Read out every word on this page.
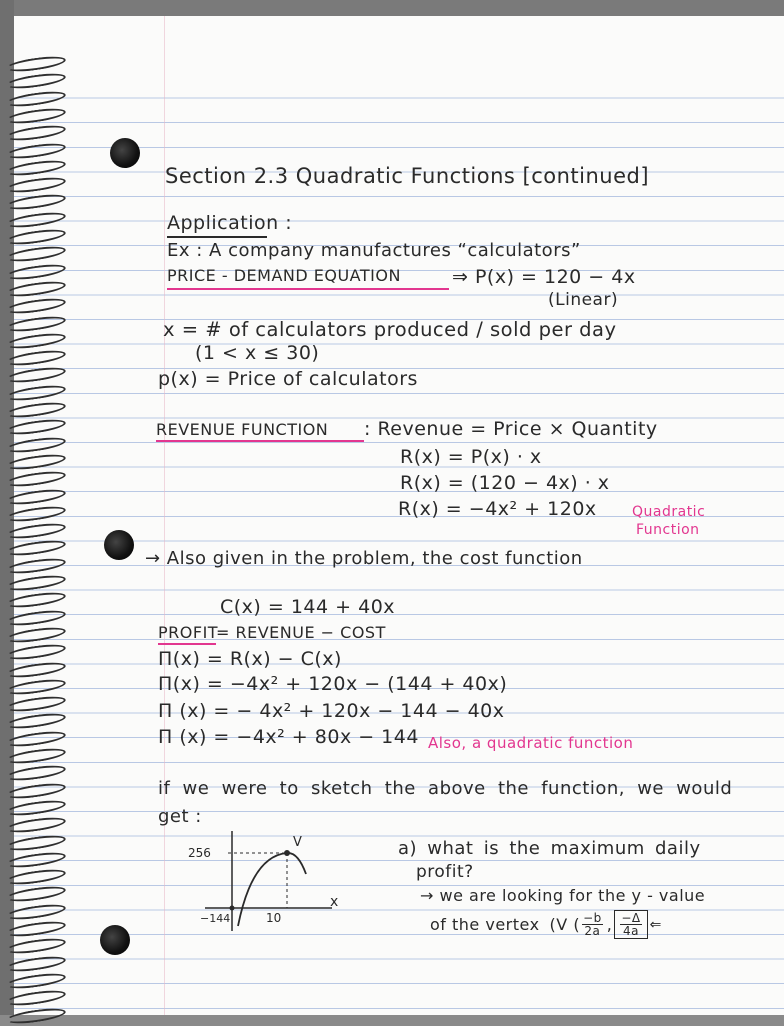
Section 2.3 Quadratic Functions [continued]
Application :
Ex : A company manufactures “calculators”
PRICE - DEMAND EQUATION	⇒ P(x) = 120 − 4x
(Linear)
x = # of calculators produced / sold per day
(1 < x ≤ 30)
p(x) = Price of calculators
REVENUE FUNCTION : Revenue = Price × Quantity
R(x) = P(x) · x
R(x) = (120 − 4x) · x
R(x) = −4x² + 120x	Quadratic
Function
→ Also given in the problem, the cost function
C(x) = 144 + 40x
PROFIT
= REVENUE − COST
Π(x) = R(x) − C(x)
Π(x) = −4x² + 120x − (144 + 40x)
Π (x) = − 4x² + 120x − 144 − 40x
Π (x) = −4x² + 80x − 144 Also, a quadratic function
if we were to sketch the above the function, we would
get :
256
V
−144	10
x
a) what is the maximum daily
profit?
→ we are looking for the y - value
of the vertex (V ( $\frac{-b}{2a}$ , $\frac{-\Delta}{4a}$ ⇐
